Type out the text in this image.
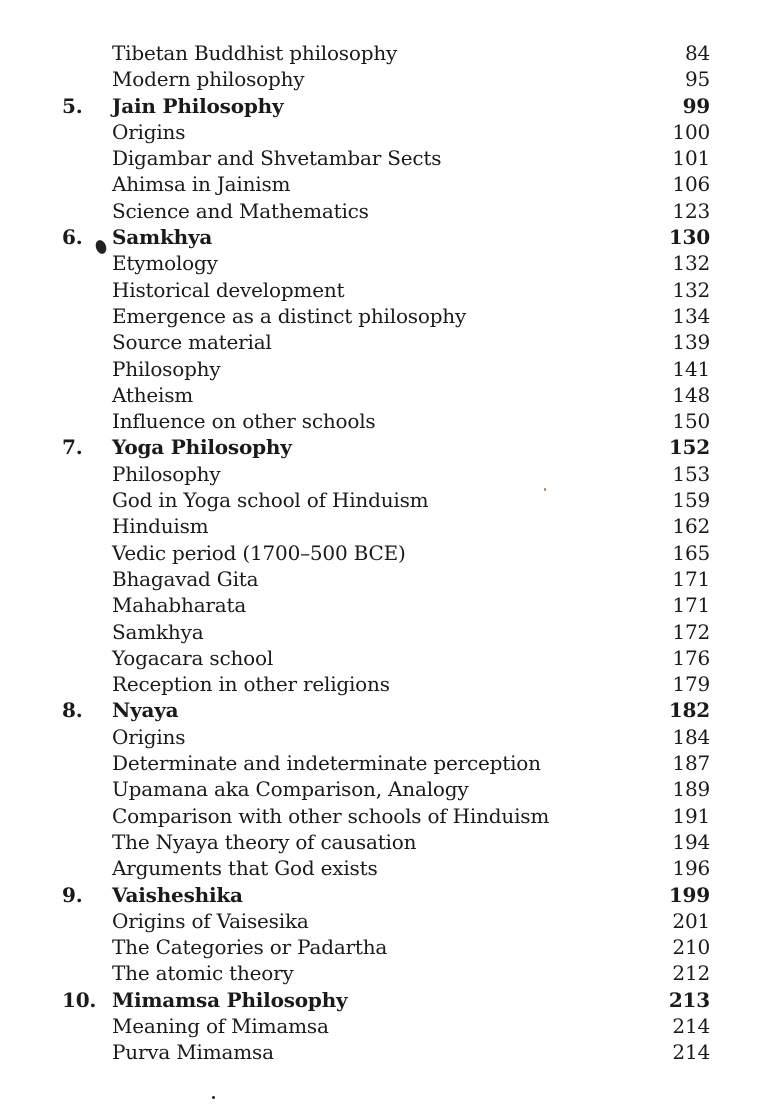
Tibetan Buddhist philosophy	84
Modern philosophy	95
5.	Jain Philosophy	99
Origins	100
Digambar and Shvetambar Sects	101
Ahimsa in Jainism	106
Science and Mathematics	123
6.	Samkhya	130
Etymology	132
Historical development	132
Emergence as a distinct philosophy	134
Source material	139
Philosophy	141
Atheism	148
Influence on other schools	150
7.	Yoga Philosophy	152
Philosophy	153
God in Yoga school of Hinduism	159
Hinduism	162
Vedic period (1700–500 BCE)	165
Bhagavad Gita	171
Mahabharata	171
Samkhya	172
Yogacara school	176
Reception in other religions	179
8.	Nyaya	182
Origins	184
Determinate and indeterminate perception	187
Upamana aka Comparison, Analogy	189
Comparison with other schools of Hinduism	191
The Nyaya theory of causation	194
Arguments that God exists	196
9.	Vaisheshika	199
Origins of Vaisesika	201
The Categories or Padartha	210
The atomic theory	212
10. Mimamsa Philosophy	213
Meaning of Mimamsa	214
Purva Mimamsa	214
